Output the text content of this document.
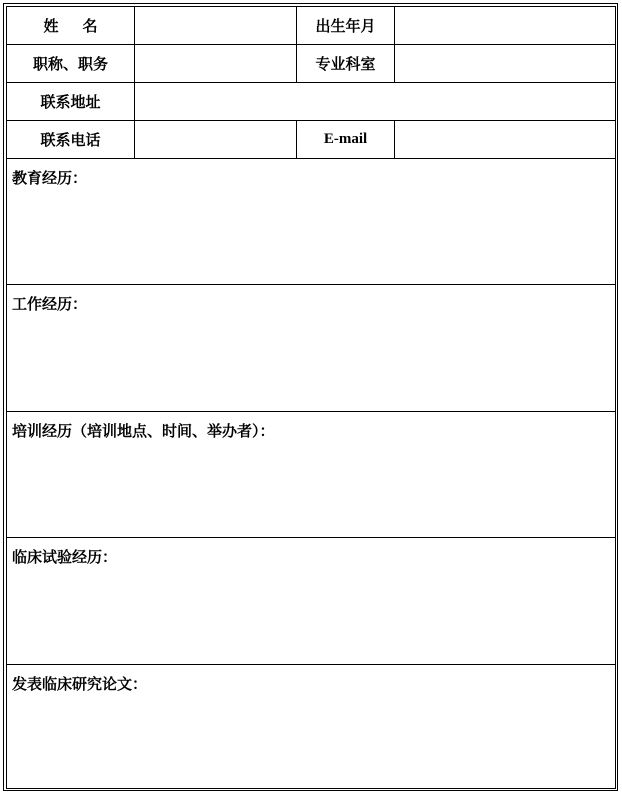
姓 名		出生年月	
职称、职务		专业科室	
联系地址			
联系电话		E-mail	
教育经历：			
工作经历：			
培训经历（培训地点、时间、举办者）：			
临床试验经历：			
发表临床研究论文：			
